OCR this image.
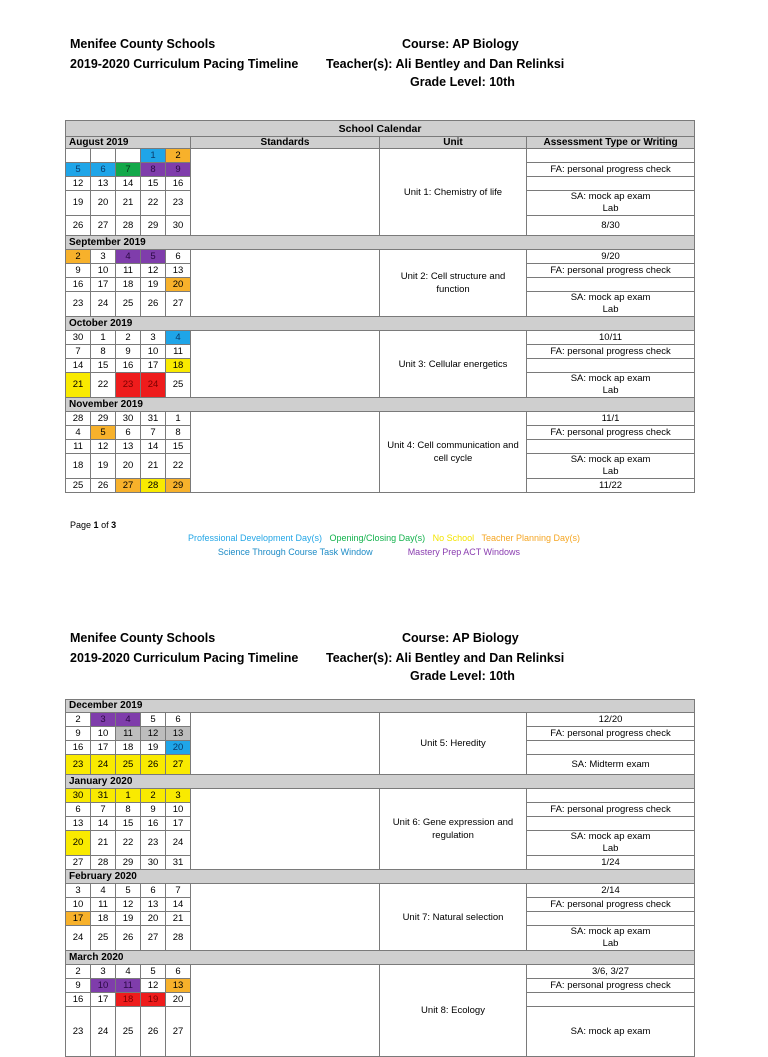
Menifee County Schools	Course: AP Biology
2019-2020 Curriculum Pacing Timeline Teacher(s): Ali Bentley and Dan Relinksi
Grade Level: 10th
School Calendar							
August 2019					Standards	Unit	Assessment Type or Writing
			1	2		Unit 1: Chemistry of life	
5	6	7	8	9			FA: personal progress check
12	13	14	15	16			
19	20	21	22	23			SA: mock ap exam
Lab
26	27	28	29	30			8/30
September 2019							
2	3	4	5	6		Unit 2: Cell structure and function	9/20
9	10	11	12	13			FA: personal progress check
16	17	18	19	20			
23	24	25	26	27			SA: mock ap exam
Lab
October 2019							
30	1	2	3	4		Unit 3: Cellular energetics	10/11
7	8	9	10	11			FA: personal progress check
14	15	16	17	18			
21	22	23	24	25			SA: mock ap exam
Lab
November 2019							
28	29	30	31	1		Unit 4: Cell communication and cell cycle	11/1
4	5	6	7	8			FA: personal progress check
11	12	13	14	15			
18	19	20	21	22			SA: mock ap exam
Lab
25	26	27	28	29			11/22
Page 1 of 3
Professional Development Day(s) Opening/Closing Day(s) No School Teacher Planning Day(s)
Science Through Course Task Window	Mastery Prep ACT Windows
Menifee County Schools	Course: AP Biology
2019-2020 Curriculum Pacing Timeline Teacher(s): Ali Bentley and Dan Relinksi
Grade Level: 10th
December 2019							
2	3	4	5	6		Unit 5: Heredity	12/20
9	10	11	12	13			FA: personal progress check
16	17	18	19	20			
23	24	25	26	27			SA: Midterm exam
January 2020							
30	31	1	2	3		Unit 6: Gene expression and regulation	
6	7	8	9	10			FA: personal progress check
13	14	15	16	17			
20	21	22	23	24			SA: mock ap exam
Lab
27	28	29	30	31			1/24
February 2020							
3	4	5	6	7		Unit 7: Natural selection	2/14
10	11	12	13	14			FA: personal progress check
17	18	19	20	21			
24	25	26	27	28			SA: mock ap exam
Lab
March 2020							
2	3	4	5	6		Unit 8: Ecology	3/6, 3/27
9	10	11	12	13			FA: personal progress check
16	17	18	19	20			
23	24	25	26	27			SA: mock ap exam
